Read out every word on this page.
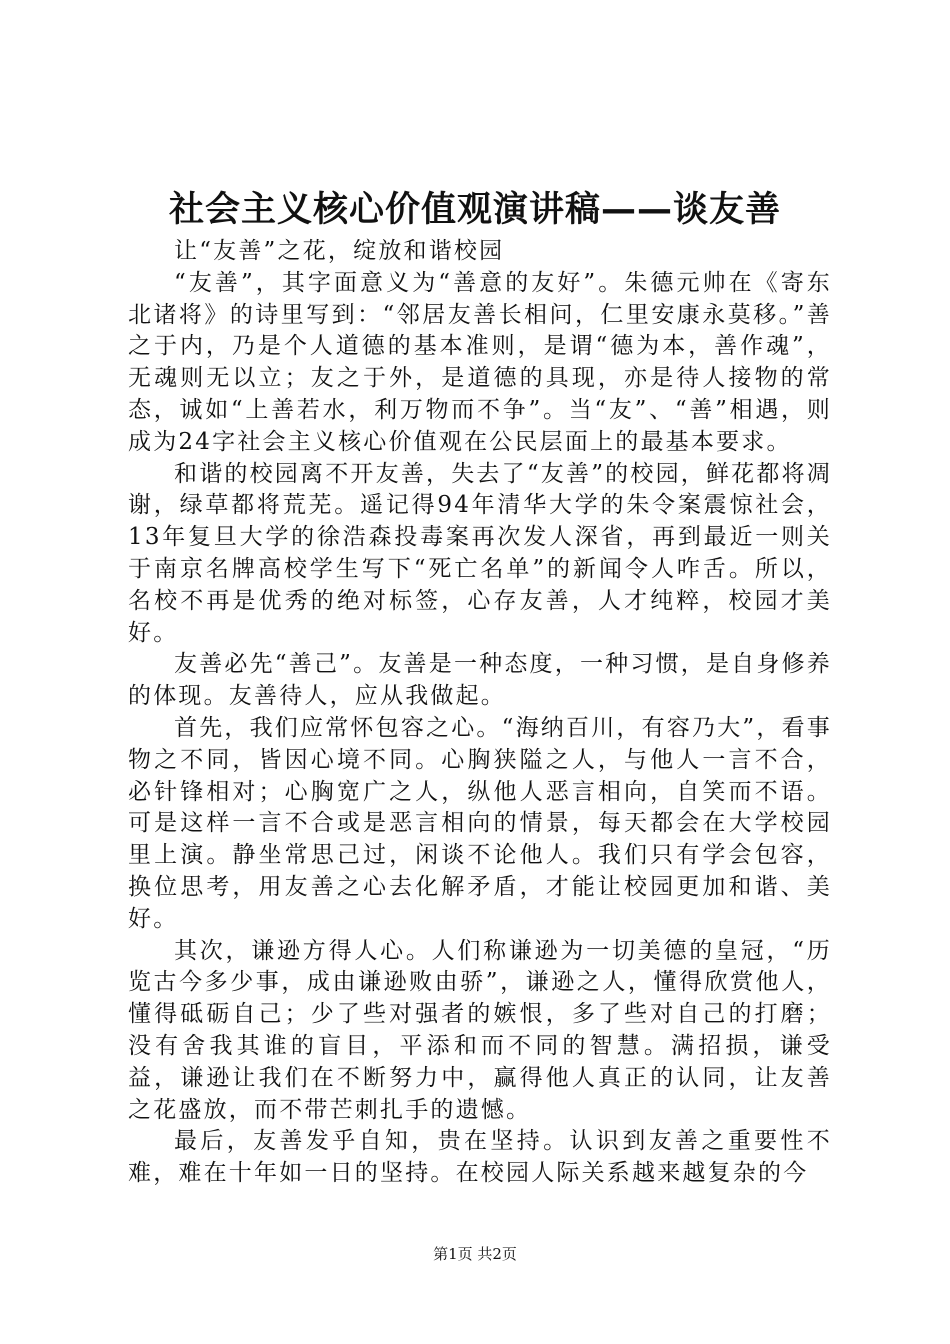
社会主义核心价值观演讲稿——谈友善

让“友善”之花，绽放和谐校园

“友善”，其字面意义为“善意的友好”。朱德元帅在《寄东北诸将》的诗里写到：“邻居友善长相问，仁里安康永莫移。”善之于内，乃是个人道德的基本准则，是谓“德为本，善作魂”，无魂则无以立；友之于外，是道德的具现，亦是待人接物的常态，诚如“上善若水，利万物而不争”。当“友”、“善”相遇，则成为24字社会主义核心价值观在公民层面上的最基本要求。

和谐的校园离不开友善，失去了“友善”的校园，鲜花都将凋谢，绿草都将荒芜。遥记得94年清华大学的朱令案震惊社会，13年复旦大学的徐浩森投毒案再次发人深省，再到最近一则关于南京名牌高校学生写下“死亡名单”的新闻令人咋舌。所以，名校不再是优秀的绝对标签，心存友善，人才纯粹，校园才美好。

友善必先“善己”。友善是一种态度，一种习惯，是自身修养的体现。友善待人，应从我做起。

首先，我们应常怀包容之心。“海纳百川，有容乃大”，看事物之不同，皆因心境不同。心胸狭隘之人，与他人一言不合，必针锋相对；心胸宽广之人，纵他人恶言相向，自笑而不语。可是这样一言不合或是恶言相向的情景，每天都会在大学校园里上演。静坐常思己过，闲谈不论他人。我们只有学会包容，换位思考，用友善之心去化解矛盾，才能让校园更加和谐、美好。

其次，谦逊方得人心。人们称谦逊为一切美德的皇冠，“历览古今多少事，成由谦逊败由骄”，谦逊之人，懂得欣赏他人，懂得砥砺自己；少了些对强者的嫉恨，多了些对自己的打磨；没有舍我其谁的盲目，平添和而不同的智慧。满招损，谦受益，谦逊让我们在不断努力中，赢得他人真正的认同，让友善之花盛放，而不带芒刺扎手的遗憾。

最后，友善发乎自知，贵在坚持。认识到友善之重要性不难，难在十年如一日的坚持。在校园人际关系越来越复杂的今

第1页 共2页
